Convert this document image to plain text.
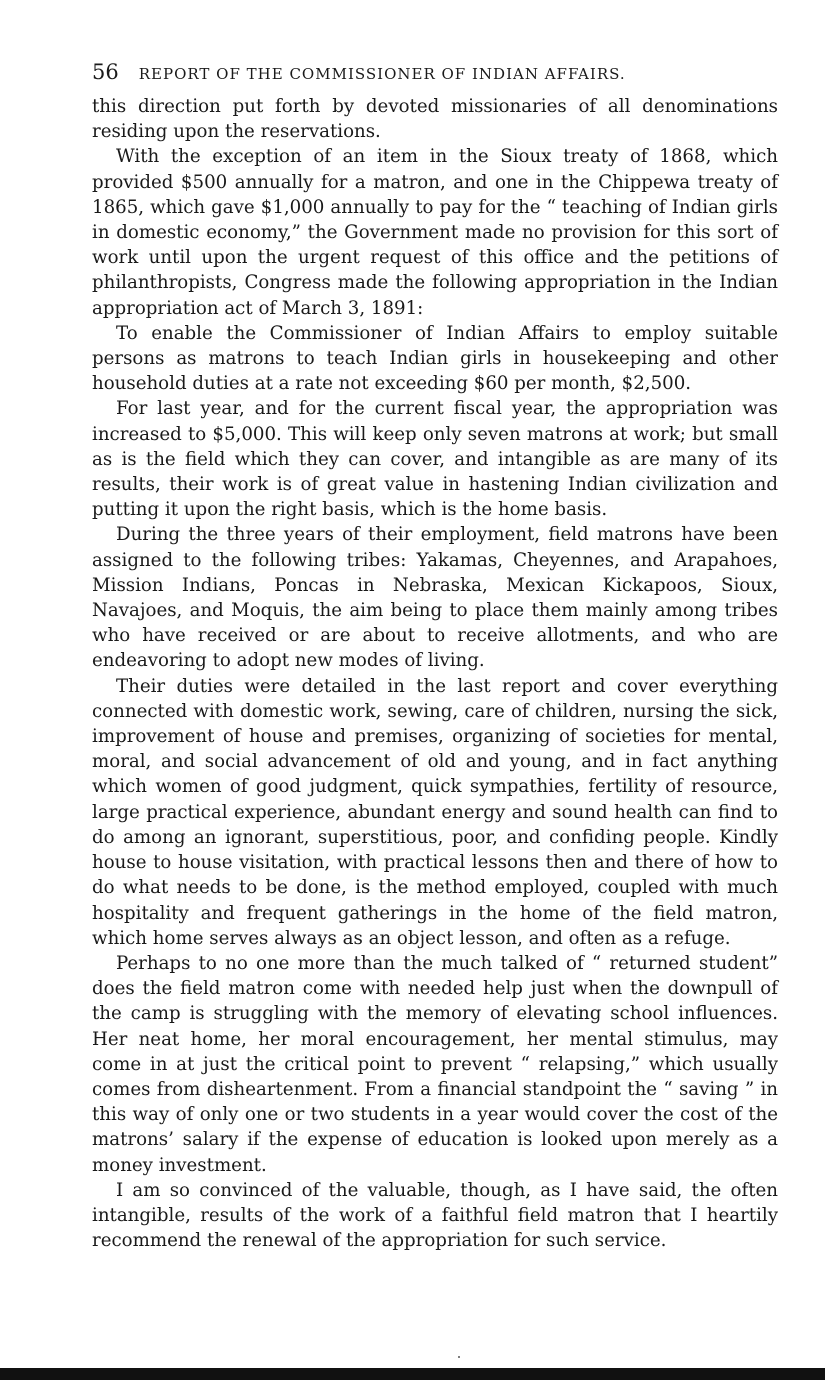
56 REPORT OF THE COMMISSIONER OF INDIAN AFFAIRS.

this direction put forth by devoted missionaries of all denominations residing upon the reservations.

With the exception of an item in the Sioux treaty of 1868, which provided $500 annually for a matron, and one in the Chippewa treaty of 1865, which gave $1,000 annually to pay for the “ teaching of Indian girls in domestic economy,” the Government made no provision for this sort of work until upon the urgent request of this office and the petitions of philanthropists, Congress made the following appropriation in the Indian appropriation act of March 3, 1891:

To enable the Commissioner of Indian Affairs to employ suitable persons as matrons to teach Indian girls in housekeeping and other household duties at a rate not exceeding $60 per month, $2,500.

For last year, and for the current fiscal year, the appropriation was increased to $5,000. This will keep only seven matrons at work; but small as is the field which they can cover, and intangible as are many of its results, their work is of great value in hastening Indian civilization and putting it upon the right basis, which is the home basis.

During the three years of their employment, field matrons have been assigned to the following tribes: Yakamas, Cheyennes, and Arapahoes, Mission Indians, Poncas in Nebraska, Mexican Kickapoos, Sioux, Navajoes, and Moquis, the aim being to place them mainly among tribes who have received or are about to receive allotments, and who are endeavoring to adopt new modes of living.

Their duties were detailed in the last report and cover everything connected with domestic work, sewing, care of children, nursing the sick, improvement of house and premises, organizing of societies for mental, moral, and social advancement of old and young, and in fact anything which women of good judgment, quick sympathies, fertility of resource, large practical experience, abundant energy and sound health can find to do among an ignorant, superstitious, poor, and confiding people. Kindly house to house visitation, with practical lessons then and there of how to do what needs to be done, is the method employed, coupled with much hospitality and frequent gatherings in the home of the field matron, which home serves always as an object lesson, and often as a refuge.

Perhaps to no one more than the much talked of “ returned student” does the field matron come with needed help just when the downpull of the camp is struggling with the memory of elevating school influences. Her neat home, her moral encouragement, her mental stimulus, may come in at just the critical point to prevent “ relapsing,” which usually comes from disheartenment. From a financial standpoint the “ saving ” in this way of only one or two students in a year would cover the cost of the matrons’ salary if the expense of education is looked upon merely as a money investment.

I am so convinced of the valuable, though, as I have said, the often intangible, results of the work of a faithful field matron that I heartily recommend the renewal of the appropriation for such service.
